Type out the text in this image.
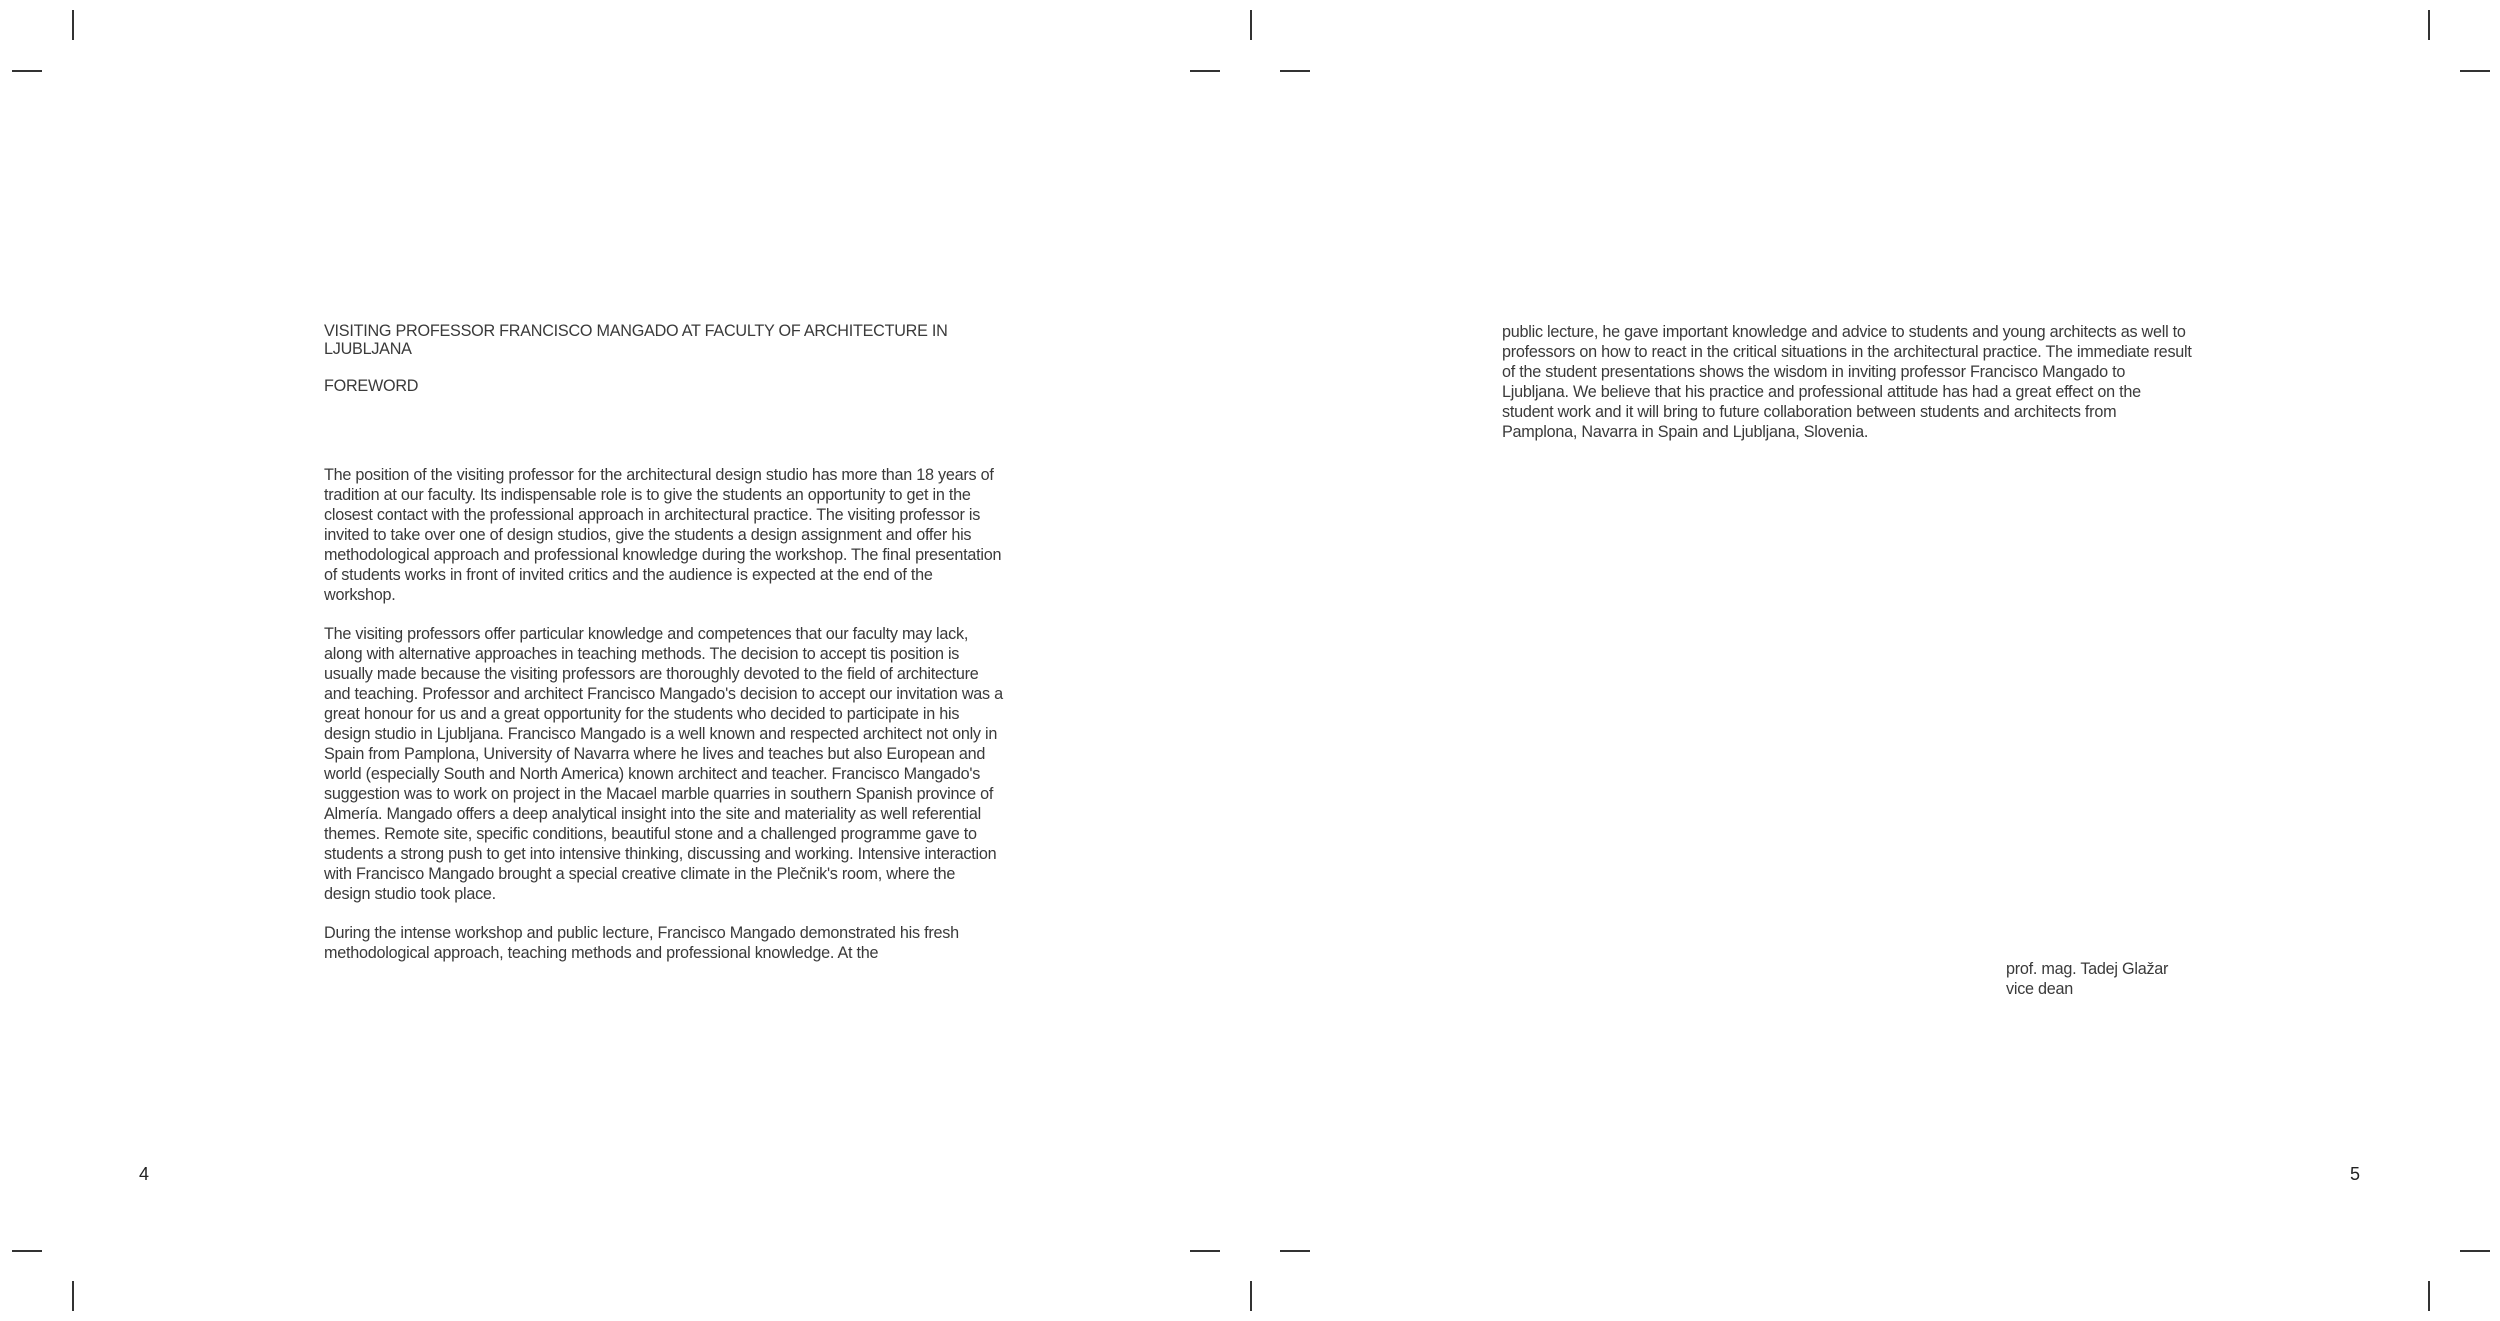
VISITING PROFESSOR FRANCISCO MANGADO AT FACULTY OF ARCHITECTURE IN LJUBLJANA
FOREWORD

The position of the visiting professor for the architectural design studio has more than 18 years of tradition at our faculty. Its indispensable role is to give the students an opportunity to get in the closest contact with the professional approach in architectural practice. The visiting professor is invited to take over one of design studios, give the students a design assignment and offer his methodological approach and professional knowledge during the workshop. The final presentation of students works in front of invited critics and the audience is expected at the end of the workshop.

The visiting professors offer particular knowledge and competences that our faculty may lack, along with alternative approaches in teaching methods. The decision to accept tis position is usually made because the visiting professors are thoroughly devoted to the field of architecture and teaching. Professor and architect Francisco Mangado's decision to accept our invitation was a great honour for us and a great opportunity for the students who decided to participate in his design studio in Ljubljana. Francisco Mangado is a well known and respected architect not only in Spain from Pamplona, University of Navarra where he lives and teaches but also European and world (especially South and North America) known architect and teacher. Francisco Mangado's suggestion was to work on project in the Macael marble quarries in southern Spanish province of Almería. Mangado offers a deep analytical insight into the site and materiality as well referential themes. Remote site, specific conditions, beautiful stone and a challenged programme gave to students a strong push to get into intensive thinking, discussing and working. Intensive interaction with Francisco Mangado brought a special creative climate in the Plečnik's room, where the design studio took place.

During the intense workshop and public lecture, Francisco Mangado demonstrated his fresh methodological approach, teaching methods and professional knowledge. At the

4

public lecture, he gave important knowledge and advice to students and young architects as well to professors on how to react in the critical situations in the architectural practice. The immediate result of the student presentations shows the wisdom in inviting professor Francisco Mangado to Ljubljana. We believe that his practice and professional attitude has had a great effect on the student work and it will bring to future collaboration between students and architects from Pamplona, Navarra in Spain and Ljubljana, Slovenia.

prof. mag. Tadej Glažar
vice dean
5
